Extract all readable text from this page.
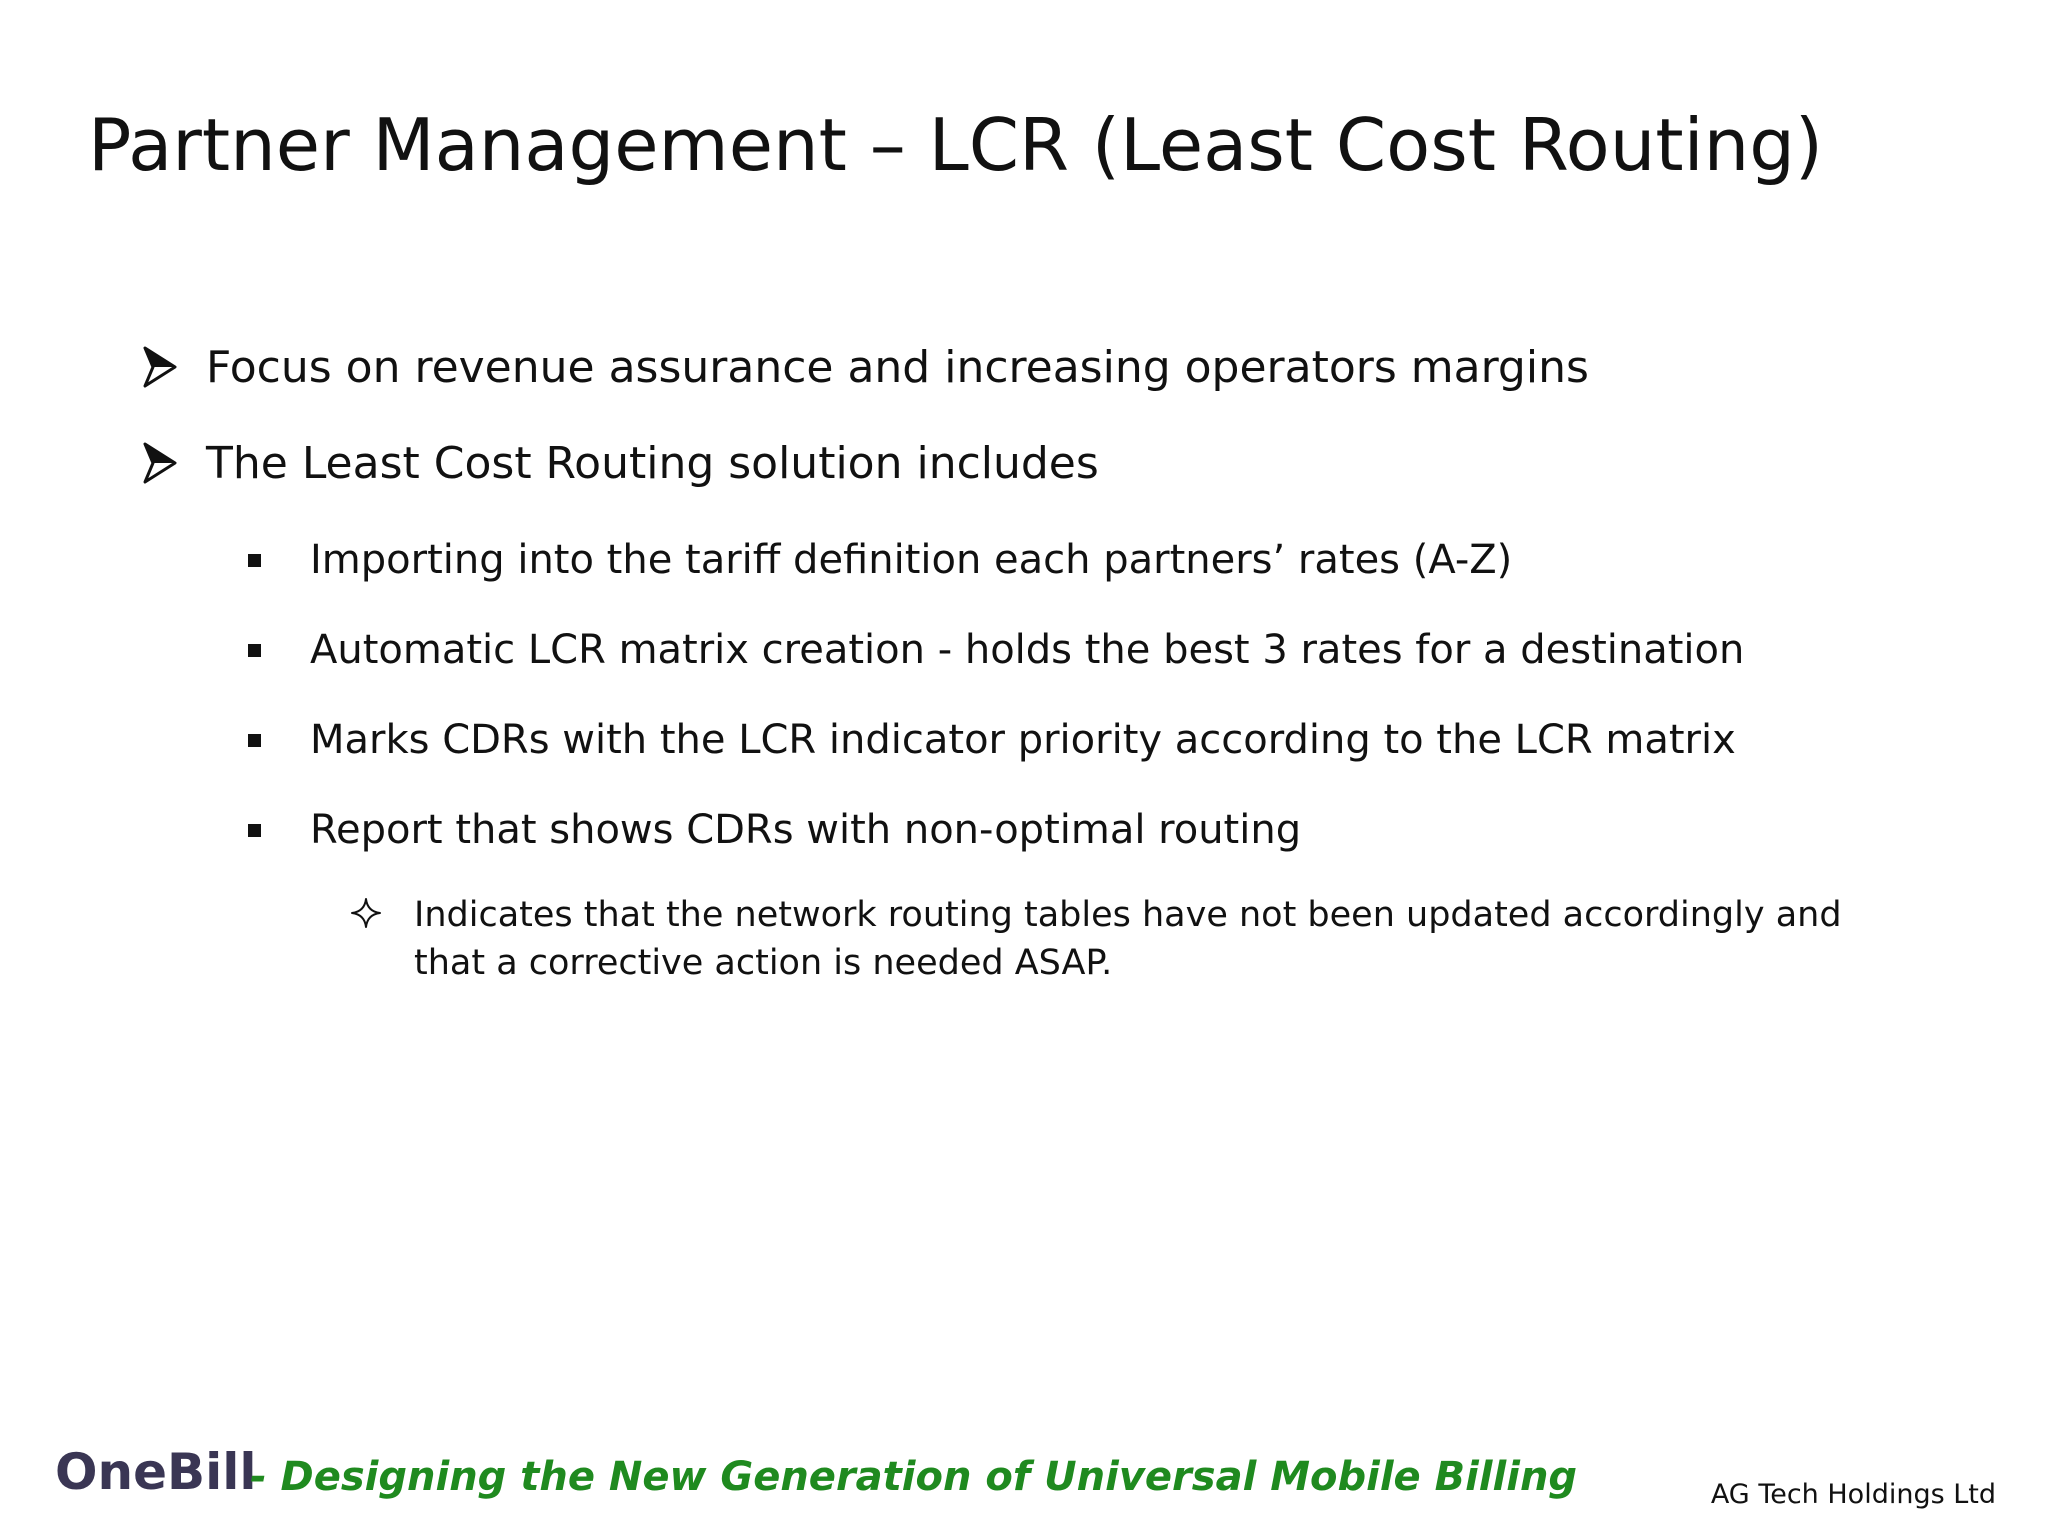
Partner Management – LCR (Least Cost Routing)
Focus on revenue assurance and increasing operators margins
The Least Cost Routing solution includes
Importing into the tariff definition each partners’ rates (A-Z)
Automatic LCR matrix creation - holds the best 3 rates for a destination
Marks CDRs with the LCR indicator priority according to the LCR matrix
Report that shows CDRs with non-optimal routing
Indicates that the network routing tables have not been updated accordingly and that a corrective action is needed ASAP.
OneBill
- Designing the New Generation of Universal Mobile Billing	AG Tech Holdings Ltd
